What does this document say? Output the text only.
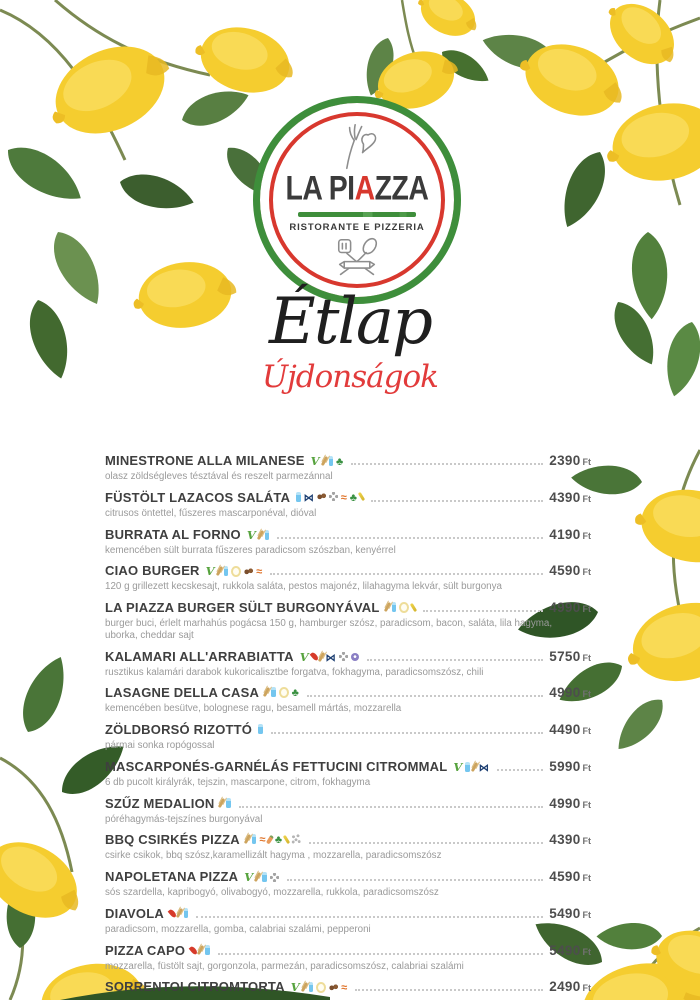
LA PIAZZA
RISTORANTE E PIZZERIA
Étlap
Újdonságok
MINESTRONE ALLA MILANESE V ♣	2390 Ft
olasz zöldségleves tésztával és reszelt parmezánnal
FÜSTÖLT LAZACOS SALÁTA ⋈ ≈ ♣	4390 Ft
citrusos öntettel, fűszeres mascarponéval, dióval
BURRATA AL FORNO V	4190 Ft
kemencében sült burrata fűszeres paradicsom szószban, kenyérrel
CIAO BURGER V ≈	4590 Ft
120 g grillezett kecskesajt, rukkola saláta, pestos majonéz, lilahagyma lekvár, sült burgonya
LA PIAZZA BURGER SÜLT BURGONYÁVAL	4990 Ft
burger buci, érlelt marhahús pogácsa 150 g, hamburger szósz, paradicsom, bacon, saláta, lila hagyma, uborka, cheddar sajt
KALAMARI ALL'ARRABIATTA V ⋈	5750 Ft
rusztikus kalamári darabok kukoricalisztbe forgatva, fokhagyma, paradicsomszósz, chili
LASAGNE DELLA CASA ♣	4990 Ft
kemencében besütve, bolognese ragu, besamell mártás, mozzarella
ZÖLDBORSÓ RIZOTTÓ	4490 Ft
pármai sonka ropógossal
MASCARPONÉS-GARNÉLÁS FETTUCINI CITROMMAL V ⋈	5990 Ft
6 db pucolt királyrák, tejszin, mascarpone, citrom, fokhagyma
SZŰZ MEDALION	4990 Ft
póréhagymás-tejszínes burgonyával
BBQ CSIRKÉS PIZZA ≈ ♣	4390 Ft
csirke csikok, bbq szósz,karamellizált hagyma , mozzarella, paradicsomszósz
NAPOLETANA PIZZA V	4590 Ft
sós szardella, kapribogyó, olivabogyó, mozzarella, rukkola, paradicsomszósz
DIAVOLA	5490 Ft
paradicsom, mozzarella, gomba, calabriai szalámi, pepperoni
PIZZA CAPO	5490 Ft
mozzarella, füstölt sajt, gorgonzola, parmezán, paradicsomszósz, calabriai szalámi
SORRENTOI CITROMTORTA V ≈	2490 Ft
